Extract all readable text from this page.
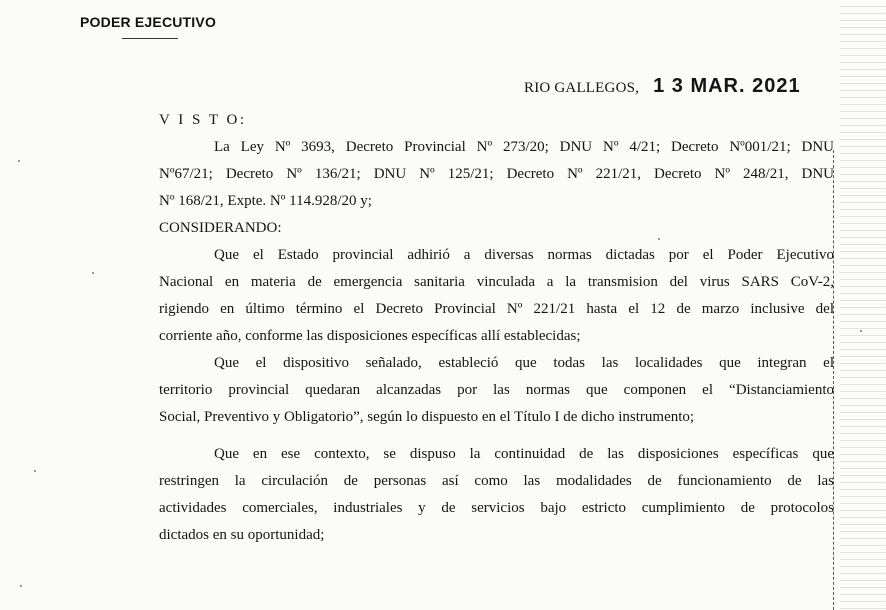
PODER EJECUTIVO
RIO GALLEGOS, 1 3 MAR. 2021
V I S T O:
La Ley Nº 3693, Decreto Provincial Nº 273/20; DNU Nº 4/21; Decreto Nº001/21; DNU
Nº67/21; Decreto Nº 136/21; DNU Nº 125/21; Decreto Nº 221/21, Decreto Nº 248/21, DNU
Nº 168/21, Expte. Nº 114.928/20 y;
CONSIDERANDO:
Que el Estado provincial adhirió a diversas normas dictadas por el Poder Ejecutivo
Nacional en materia de emergencia sanitaria vinculada a la transmision del virus SARS CoV-2,
rigiendo en último término el Decreto Provincial Nº 221/21 hasta el 12 de marzo inclusive del
corriente año, conforme las disposiciones específicas allí establecidas;
Que el dispositivo señalado, estableció que todas las localidades que integran el
territorio provincial quedaran alcanzadas por las normas que componen el “Distanciamiento
Social, Preventivo y Obligatorio”, según lo dispuesto en el Título I de dicho instrumento;
Que en ese contexto, se dispuso la continuidad de las disposiciones específicas que
restringen la circulación de personas así como las modalidades de funcionamiento de las
actividades comerciales, industriales y de servicios bajo estricto cumplimiento de protocolos
dictados en su oportunidad;
